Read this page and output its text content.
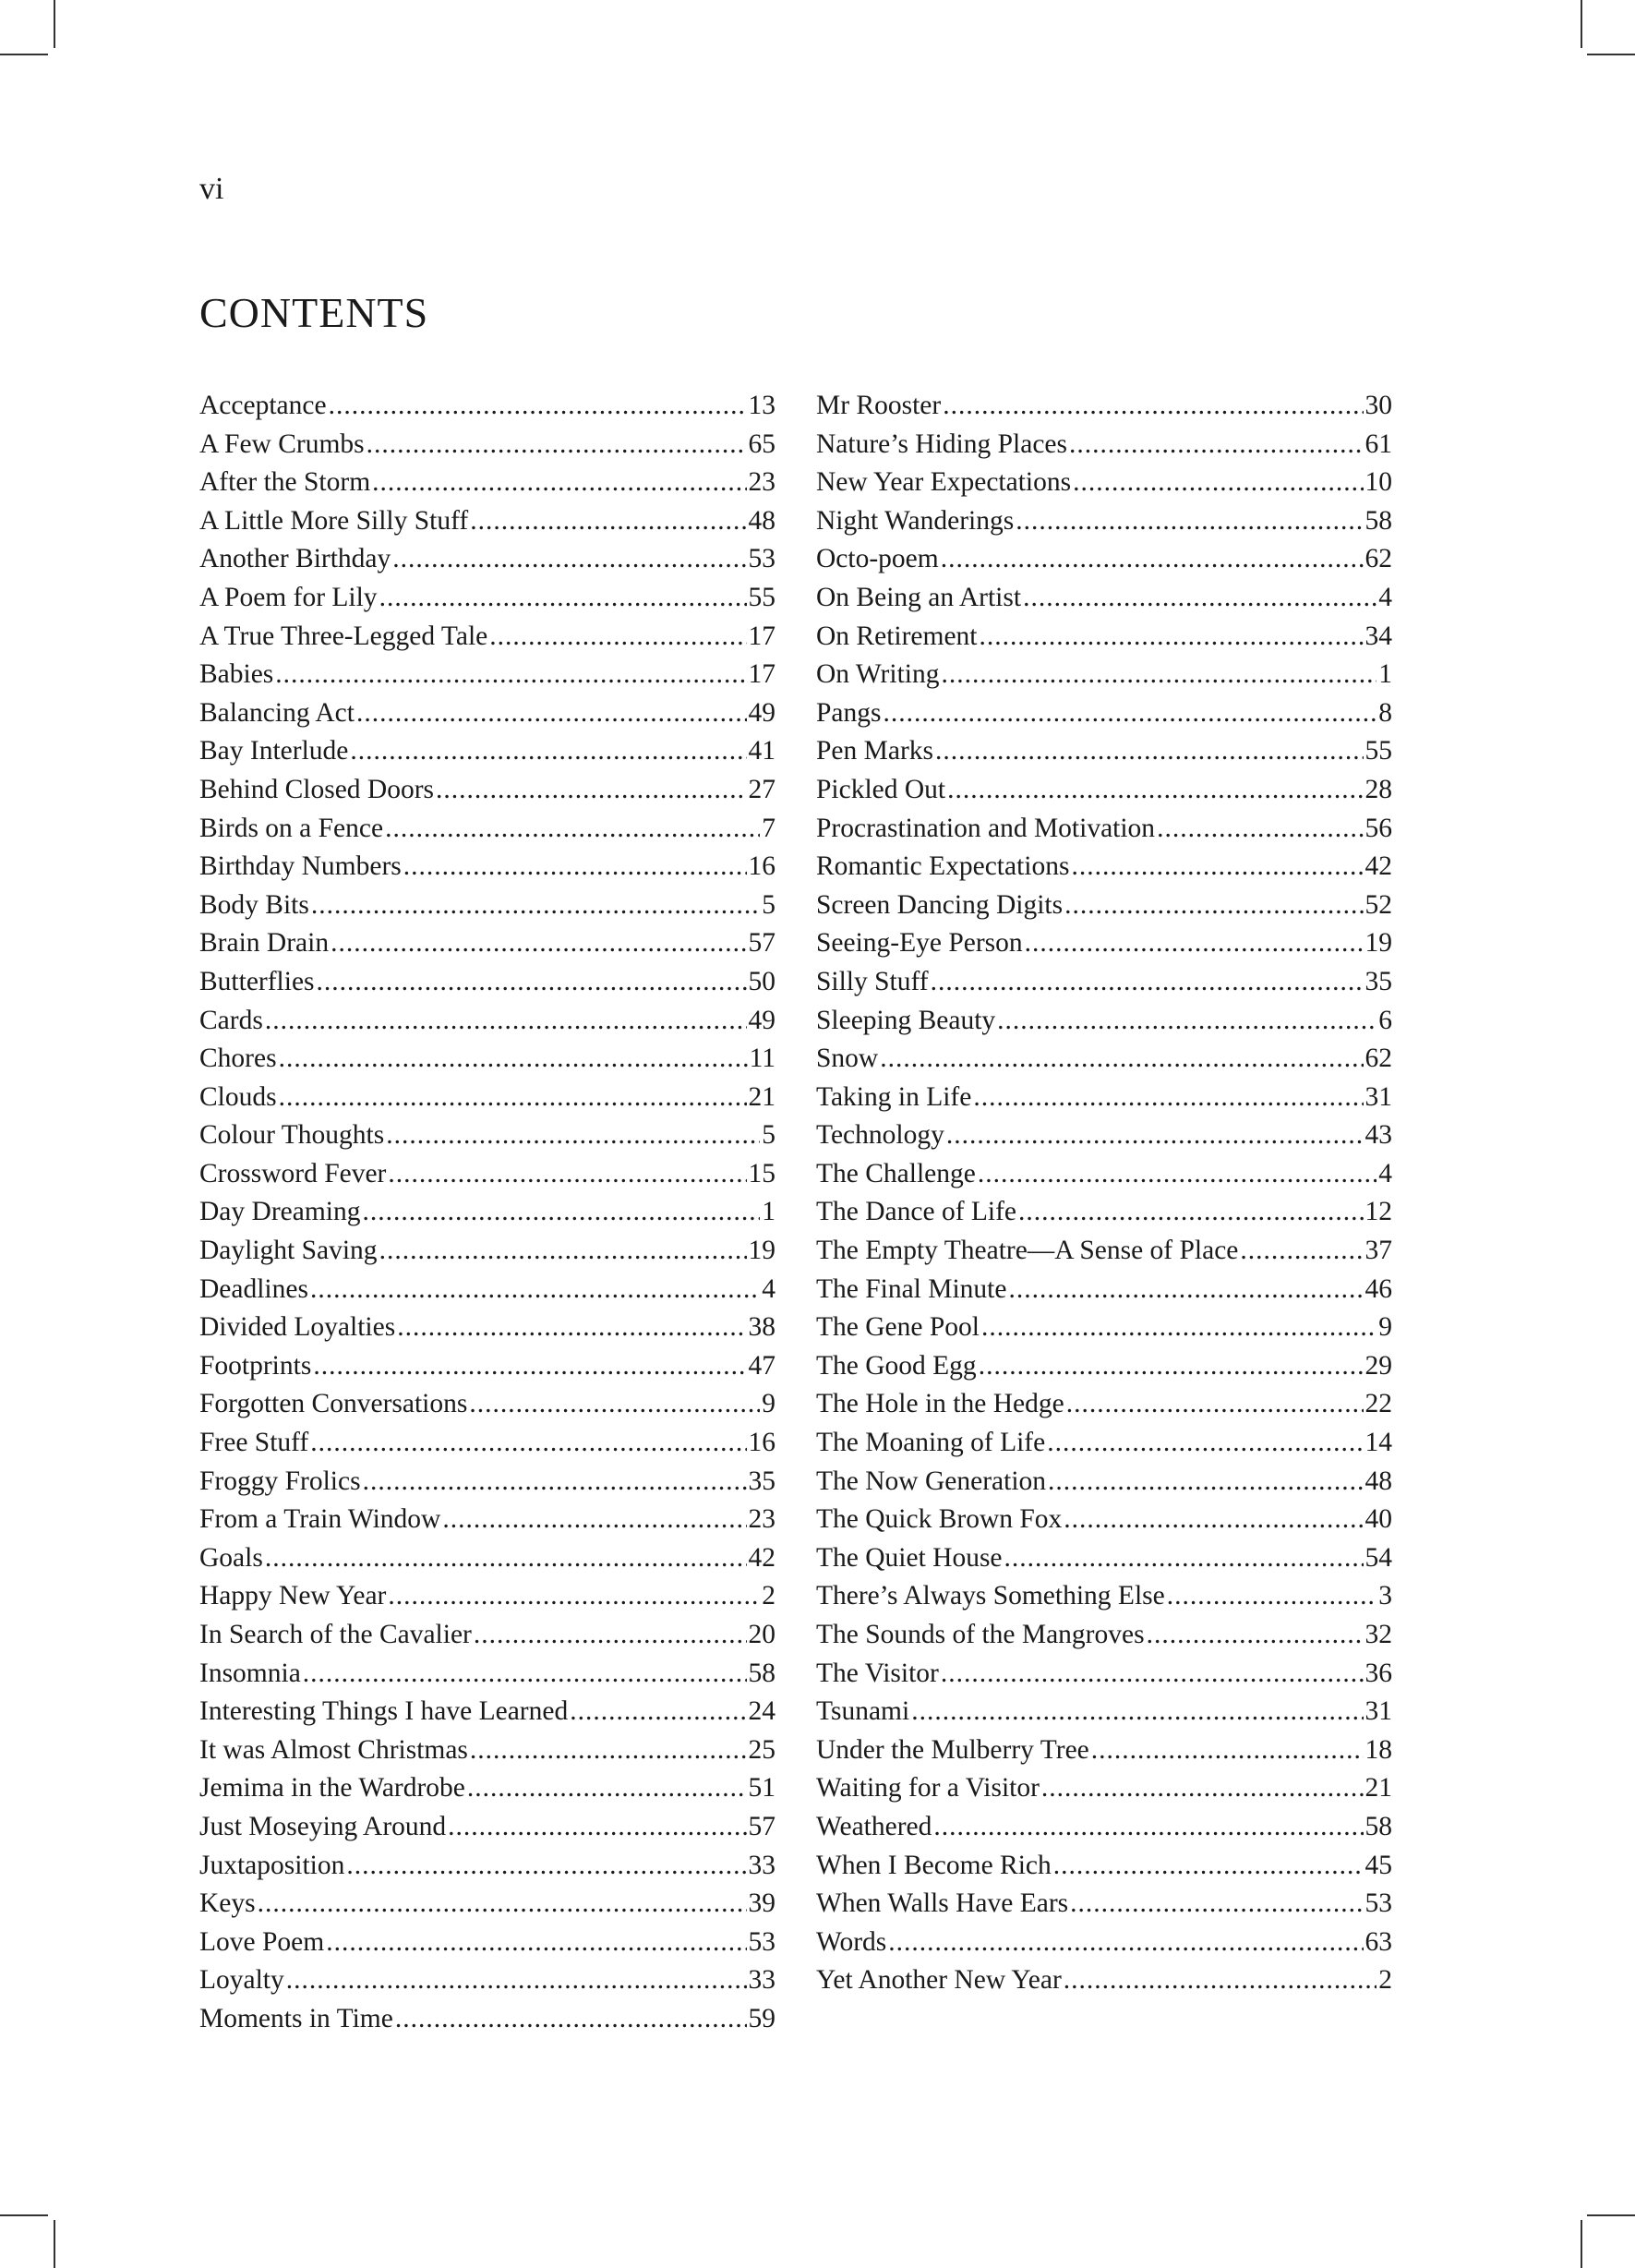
vi
CONTENTS
Acceptance .....	13
A Few Crumbs .....	65
After the Storm .....	23
A Little More Silly Stuff .....	48
Another Birthday .....	53
A Poem for Lily .....	55
A True Three-Legged Tale .....	17
Babies .....	17
Balancing Act .....	49
Bay Interlude .....	41
Behind Closed Doors .....	27
Birds on a Fence .....	7
Birthday Numbers .....	16
Body Bits .....	5
Brain Drain .....	57
Butterflies .....	50
Cards .....	49
Chores .....	11
Clouds .....	21
Colour Thoughts .....	5
Crossword Fever .....	15
Day Dreaming .....	1
Daylight Saving .....	19
Deadlines .....	4
Divided Loyalties .....	38
Footprints .....	47
Forgotten Conversations .....	9
Free Stuff .....	16
Froggy Frolics .....	35
From a Train Window .....	23
Goals .....	42
Happy New Year .....	2
In Search of the Cavalier .....	20
Insomnia .....	58
Interesting Things I have Learned .....	24
It was Almost Christmas .....	25
Jemima in the Wardrobe .....	51
Just Moseying Around .....	57
Juxtaposition .....	33
Keys .....	39
Love Poem .....	53
Loyalty .....	33
Moments in Time .....	59
Mr Rooster .....	30
Nature’s Hiding Places .....	61
New Year Expectations .....	10
Night Wanderings .....	58
Octo-poem .....	62
On Being an Artist .....	4
On Retirement .....	34
On Writing .....	1
Pangs .....	8
Pen Marks .....	55
Pickled Out .....	28
Procrastination and Motivation .....	56
Romantic Expectations .....	42
Screen Dancing Digits .....	52
Seeing-Eye Person .....	19
Silly Stuff .....	35
Sleeping Beauty .....	6
Snow .....	62
Taking in Life .....	31
Technology .....	43
The Challenge .....	4
The Dance of Life .....	12
The Empty Theatre—A Sense of Place .....	37
The Final Minute .....	46
The Gene Pool .....	9
The Good Egg .....	29
The Hole in the Hedge .....	22
The Moaning of Life .....	14
The Now Generation .....	48
The Quick Brown Fox .....	40
The Quiet House .....	54
There’s Always Something Else .....	3
The Sounds of the Mangroves .....	32
The Visitor .....	36
Tsunami .....	31
Under the Mulberry Tree .....	18
Waiting for a Visitor .....	21
Weathered .....	58
When I Become Rich .....	45
When Walls Have Ears .....	53
Words .....	63
Yet Another New Year .....	2
